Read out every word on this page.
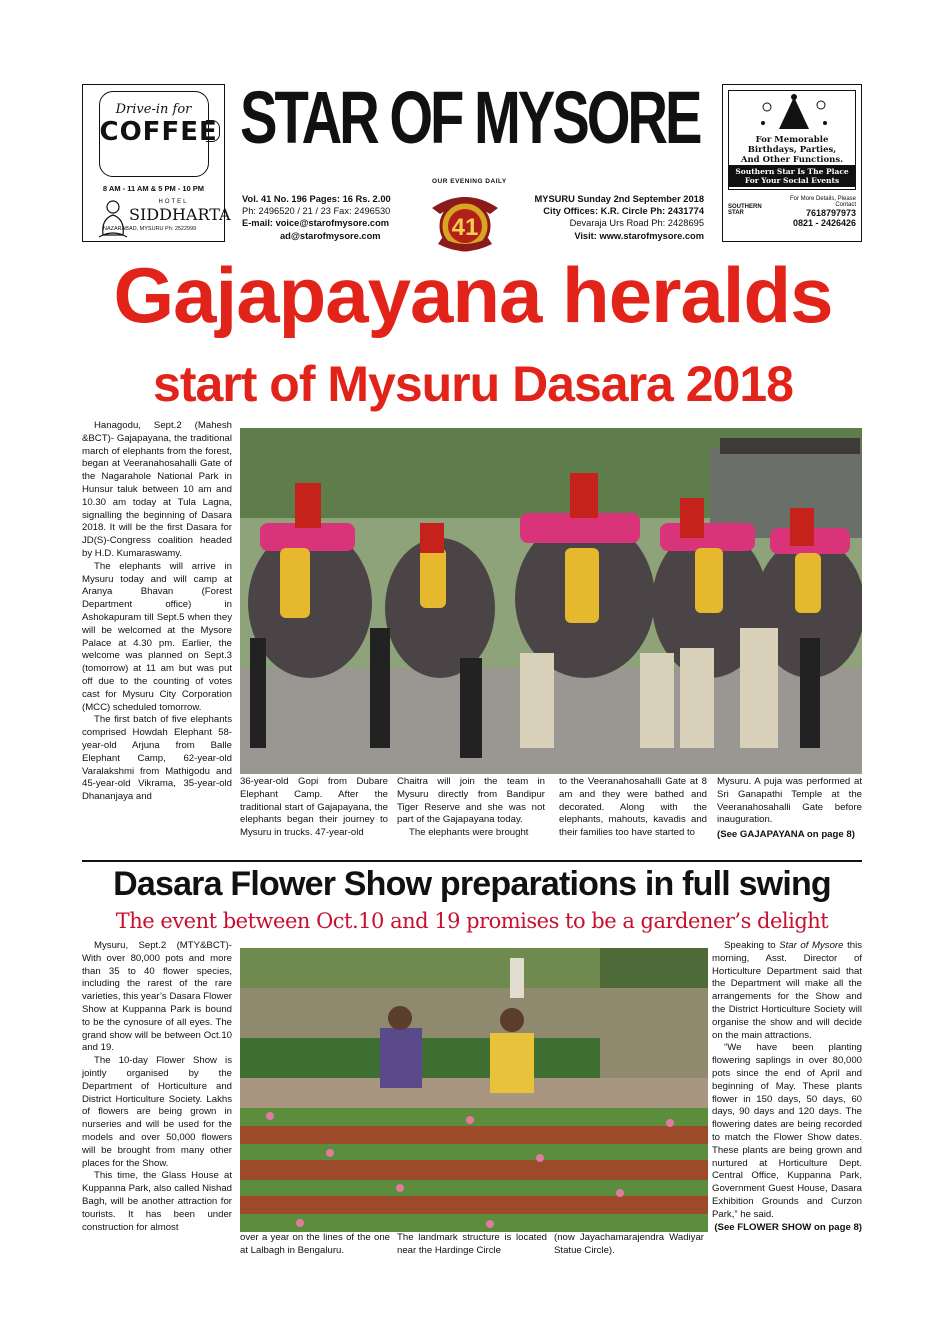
Drive-in for
COFFEE
8 AM - 11 AM & 5 PM - 10 PM
HOTEL
SIDDHARTA
NAZARABAD, MYSURU Ph: 2522999
STAR OF MYSORE
OUR EVENING DAILY
Vol. 41 No. 196 Pages: 16 Rs. 2.00
Ph: 2496520 / 21 / 23 Fax: 2496530
E-mail: voice@starofmysore.com
ad@starofmysore.com	41
MYSURU Sunday 2nd September 2018
City Offices: K.R. Circle Ph: 2431774
Devaraja Urs Road Ph: 2428695
Visit: www.starofmysore.com
For Memorable
Birthdays, Parties,
And Other Functions.
Southern Star Is The Place
For Your Social Events
SOUTHERN STAR
For More Details, Please Contact
7618797973
0821 - 2426426
Gajapayana heralds
start of Mysuru Dasara 2018

Hanagodu, Sept.2 (Mahesh &BCT)- Gajapayana, the traditional march of elephants from the forest, began at Veeranahosahalli Gate of the Nagarahole National Park in Hunsur taluk between 10 am and 10.30 am today at Tula Lagna, signalling the beginning of Dasara 2018. It will be the first Dasara for JD(S)-Congress coalition headed by H.D. Kumaraswamy.

The elephants will arrive in Mysuru today and will camp at Aranya Bhavan (Forest Department office) in Ashokapuram till Sept.5 when they will be welcomed at the Mysore Palace at 4.30 pm. Earlier, the welcome was planned on Sept.3 (tomorrow) at 11 am but was put off due to the counting of votes cast for Mysuru City Corporation (MCC) scheduled tomorrow.

The first batch of five elephants comprised Howdah Elephant 58-year-old Arjuna from Balle Elephant Camp, 62-year-old Varalakshmi from Mathigodu and 45-year-old Vikrama, 35-year-old Dhananjaya and

36-year-old Gopi from Dubare Elephant Camp. After the traditional start of Gajapayana, the elephants began their journey to Mysuru in trucks. 47-year-old

Chaitra will join the team in Mysuru directly from Bandipur Tiger Reserve and she was not part of the Gajapayana today.

The elephants were brought

to the Veeranahosahalli Gate at 8 am and they were bathed and decorated. Along with the elephants, mahouts, kavadis and their families too have started to

Mysuru. A puja was performed at Sri Ganapathi Temple at the Veeranahosahalli Gate before inauguration.

(See GAJAPAYANA on page 8)

Dasara Flower Show preparations in full swing
The event between Oct.10 and 19 promises to be a gardener’s delight

Mysuru, Sept.2 (MTY&BCT)- With over 80,000 pots and more than 35 to 40 flower species, including the rarest of the rare varieties, this year’s Dasara Flower Show at Kuppanna Park is bound to be the cynosure of all eyes. The grand show will be between Oct.10 and 19.

The 10-day Flower Show is jointly organised by the Department of Horticulture and District Horticulture Society. Lakhs of flowers are being grown in nurseries and will be used for the models and over 50,000 flowers will be brought from many other places for the Show.

This time, the Glass House at Kuppanna Park, also called Nishad Bagh, will be another attraction for tourists. It has been under construction for almost

over a year on the lines of the one at Lalbagh in Bengaluru.
The landmark structure is located near the Hardinge Circle
(now Jayachamarajendra Wadiyar Statue Circle).

Speaking to Star of Mysore this morning, Asst. Director of Horticulture Department said that the Department will make all the arrangements for the Show and the District Horticulture Society will organise the show and will decide on the main attractions.

“We have been planting flowering saplings in over 80,000 pots since the end of April and beginning of May. These plants flower in 150 days, 50 days, 60 days, 90 days and 120 days. The flowering dates are being recorded to match the Flower Show dates. These plants are being grown and nurtured at Horticulture Dept. Central Office, Kuppanna Park, Government Guest House, Dasara Exhibition Grounds and Curzon Park,” he said.

(See FLOWER SHOW on page 8)
